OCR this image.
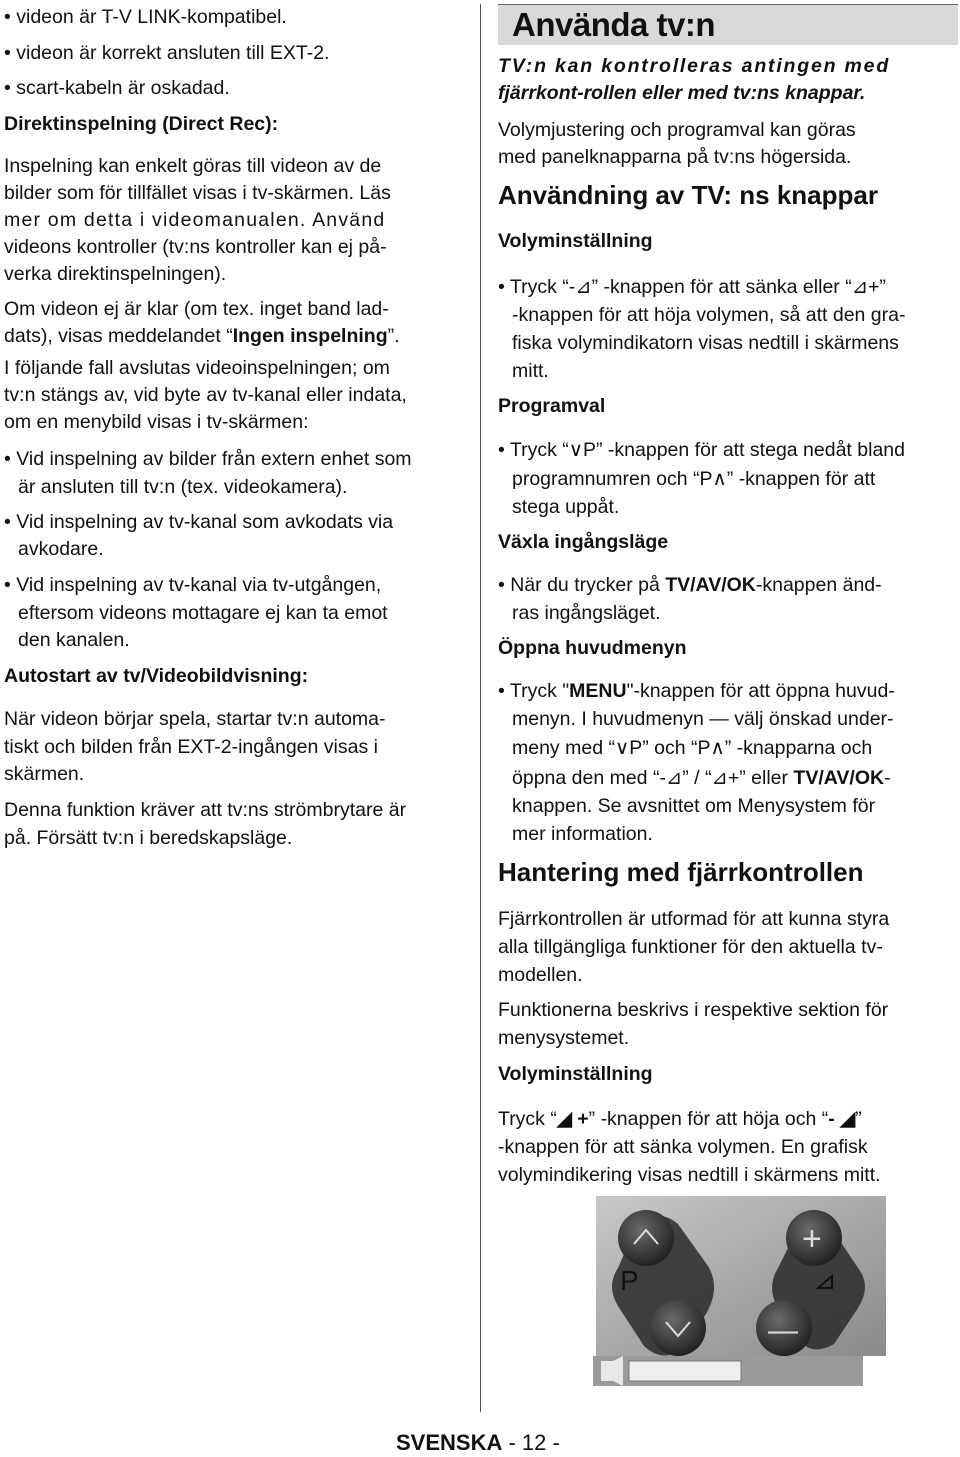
• videon är T-V LINK-kompatibel.
• videon är korrekt ansluten till EXT-2.
• scart-kabeln är oskadad.
Direktinspelning (Direct Rec):
Inspelning kan enkelt göras till videon av de
bilder som för tillfället visas i tv-skärmen. Läs
mer om detta i videomanualen. Använd
videons kontroller (tv:ns kontroller kan ej på-
verka direktinspelningen).
Om videon ej är klar (om tex. inget band lad-
dats), visas meddelandet “Ingen inspelning”.
I följande fall avslutas videoinspelningen; om
tv:n stängs av, vid byte av tv-kanal eller indata,
om en menybild visas i tv-skärmen:
• Vid inspelning av bilder från extern enhet som
är ansluten till tv:n (tex. videokamera).
• Vid inspelning av tv-kanal som avkodats via
avkodare.
• Vid inspelning av tv-kanal via tv-utgången,
eftersom videons mottagare ej kan ta emot
den kanalen.
Autostart av tv/Videobildvisning:
När videon börjar spela, startar tv:n automa-
tiskt och bilden från EXT-2-ingången visas i
skärmen.
Denna funktion kräver att tv:ns strömbrytare är
på. Försätt tv:n i beredskapsläge.
Använda tv:n
TV:n kan kontrolleras antingen med
fjärrkont-rollen eller med tv:ns knappar.
Volymjustering och programval kan göras
med panelknapparna på tv:ns högersida.
Användning av TV: ns knappar
Volyminställning
• Tryck “-⊿” -knappen för att sänka eller “⊿+”
-knappen för att höja volymen, så att den gra-
fiska volymindikatorn visas nedtill i skärmens
mitt.
Programval
• Tryck “∨P” -knappen för att stega nedåt bland
programnumren och “P∧” -knappen för att
stega uppåt.
Växla ingångsläge
• När du trycker på TV/AV/OK-knappen änd-
ras ingångsläget.
Öppna huvudmenyn
• Tryck "MENU"-knappen för att öppna huvud-
menyn. I huvudmenyn — välj önskad under-
meny med “∨P” och “P∧” -knapparna och
öppna den med “-⊿” / “⊿+” eller TV/AV/OK-
knappen. Se avsnittet om Menysystem för
mer information.
Hantering med fjärrkontrollen
Fjärrkontrollen är utformad för att kunna styra
alla tillgängliga funktioner för den aktuella tv-
modellen.
Funktionerna beskrivs i respektive sektion för
menysystemet.
Volyminställning
Tryck “◢ +” -knappen för att höja och “- ◢”
-knappen för att sänka volymen. En grafisk
volymindikering visas nedtill i skärmens mitt.
P
+
—
SVENSKA - 12 -
